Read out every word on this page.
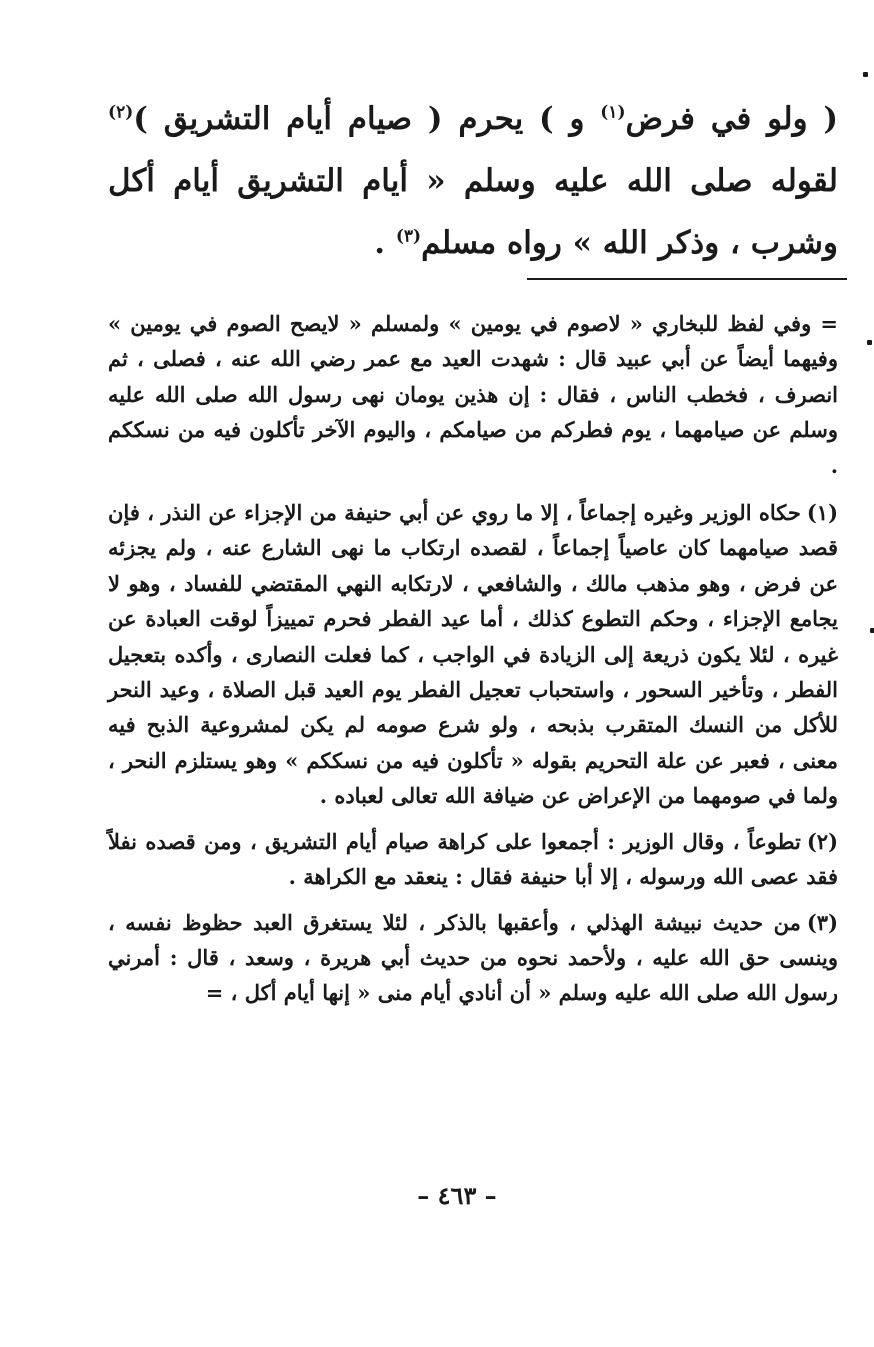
( ولو في فرض$^{(١)}$ و ) يحرم ( صيام أيام التشريق )$^{(٢)}$ لقوله صلى الله عليه وسلم « أيام التشريق أيام أكل وشرب ، وذكر الله » رواه مسلم$^{(٣)}$ .

= وفي لفظ للبخاري « لاصوم في يومين » ولمسلم « لايصح الصوم في يومين » وفيهما أيضاً عن أبي عبيد قال : شهدت العيد مع عمر رضي الله عنه ، فصلى ، ثم انصرف ، فخطب الناس ، فقال : إن هذين يومان نهى رسول الله صلى الله عليه وسلم عن صيامهما ، يوم فطركم من صيامكم ، واليوم الآخر تأكلون فيه من نسككم .

(١)حكاه الوزير وغيره إجماعاً ، إلا ما روي عن أبي حنيفة من الإجزاء عن النذر ، فإن قصد صيامهما كان عاصياً إجماعاً ، لقصده ارتكاب ما نهى الشارع عنه ، ولم يجزئه عن فرض ، وهو مذهب مالك ، والشافعي ، لارتكابه النهي المقتضي للفساد ، وهو لا يجامع الإجزاء ، وحكم التطوع كذلك ، أما عيد الفطر فحرم تمييزاً لوقت العبادة عن غيره ، لئلا يكون ذريعة إلى الزيادة في الواجب ، كما فعلت النصارى ، وأكده بتعجيل الفطر ، وتأخير السحور ، واستحباب تعجيل الفطر يوم العيد قبل الصلاة ، وعيد النحر للأكل من النسك المتقرب بذبحه ، ولو شرع صومه لم يكن لمشروعية الذبح فيه معنى ، فعبر عن علة التحريم بقوله « تأكلون فيه من نسككم » وهو يستلزم النحر ، ولما في صومهما من الإعراض عن ضيافة الله تعالى لعباده .

(٢)تطوعاً ، وقال الوزير : أجمعوا على كراهة صيام أيام التشريق ، ومن قصده نفلاً فقد عصى الله ورسوله ، إلا أبا حنيفة فقال : ينعقد مع الكراهة .

(٣)من حديث نبيشة الهذلي ، وأعقبها بالذكر ، لئلا يستغرق العبد حظوظ نفسه ، وينسى حق الله عليه ، ولأحمد نحوه من حديث أبي هريرة ، وسعد ، قال : أمرني رسول الله صلى الله عليه وسلم « أن أنادي أيام منى « إنها أيام أكل ، =

– ٤٦٣ –
